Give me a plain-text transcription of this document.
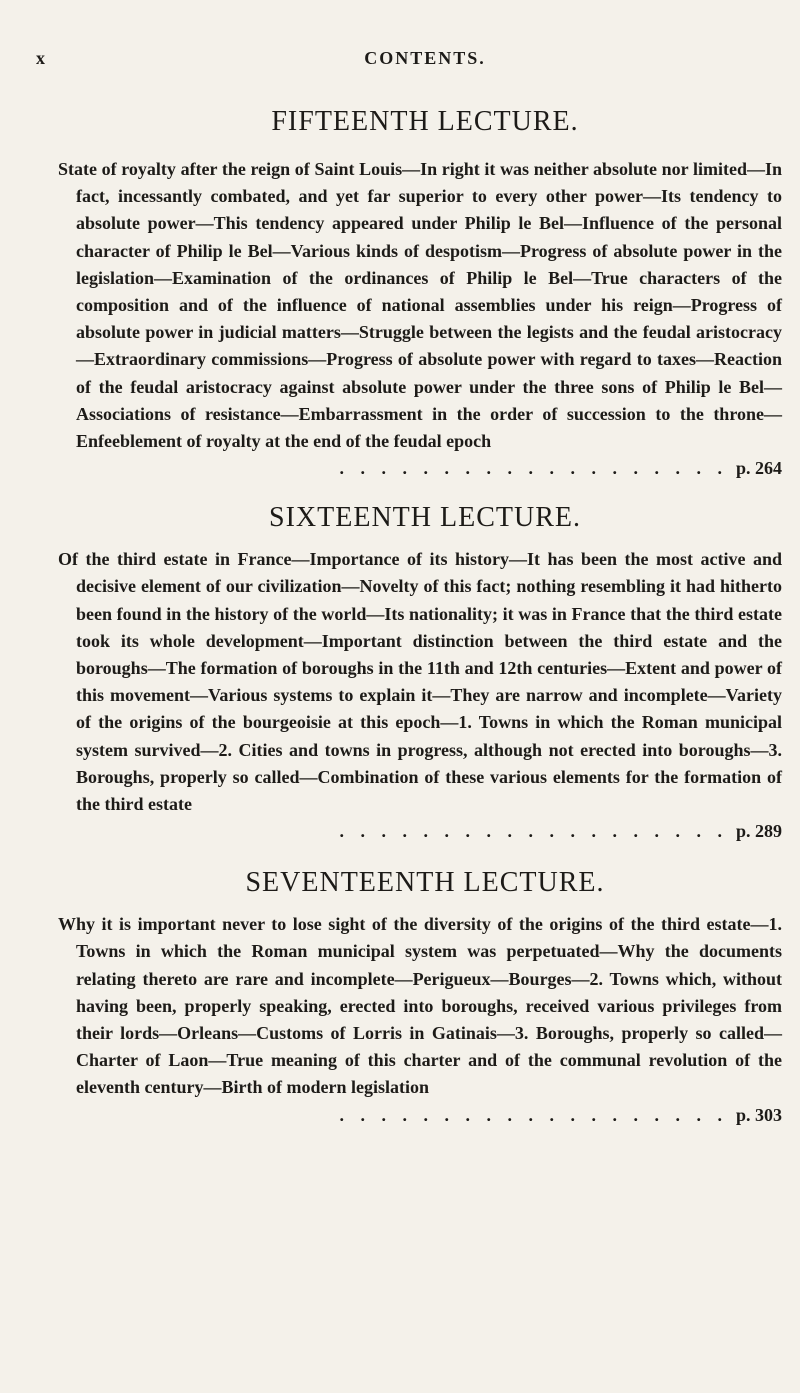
x	CONTENTS.
FIFTEENTH LECTURE.

State of royalty after the reign of Saint Louis—In right it was neither absolute nor limited—In fact, incessantly combated, and yet far superior to every other power—Its tendency to absolute power—This tendency appeared under Philip le Bel—Influence of the personal character of Philip le Bel—Various kinds of despotism—Progress of absolute power in the legislation—Examination of the ordinances of Philip le Bel—True characters of the composition and of the influence of national assemblies under his reign—Progress of absolute power in judicial matters—Struggle between the legists and the feudal aristocracy—Extraordinary commissions—Progress of absolute power with regard to taxes—Reaction of the feudal aristocracy against absolute power under the three sons of Philip le Bel—Associations of resistance—Embarrassment in the order of succession to the throne—Enfeeblement of royalty at the end of the feudal epoch

. . . . . . . . . . . . . . . . . . . p. 264
SIXTEENTH LECTURE.

Of the third estate in France—Importance of its history—It has been the most active and decisive element of our civilization—Novelty of this fact; nothing resembling it had hitherto been found in the history of the world—Its nationality; it was in France that the third estate took its whole development—Important distinction between the third estate and the boroughs—The formation of boroughs in the 11th and 12th centuries—Extent and power of this movement—Various systems to explain it—They are narrow and incomplete—Variety of the origins of the bourgeoisie at this epoch—1. Towns in which the Roman municipal system survived—2. Cities and towns in progress, although not erected into boroughs—3. Boroughs, properly so called—Combination of these various elements for the formation of the third estate

. . . . . . . . . . . . . . . . . . . p. 289
SEVENTEENTH LECTURE.

Why it is important never to lose sight of the diversity of the origins of the third estate—1. Towns in which the Roman municipal system was perpetuated—Why the documents relating thereto are rare and incomplete—Perigueux—Bourges—2. Towns which, without having been, properly speaking, erected into boroughs, received various privileges from their lords—Orleans—Customs of Lorris in Gatinais—3. Boroughs, properly so called—Charter of Laon—True meaning of this charter and of the communal revolution of the eleventh century—Birth of modern legislation

. . . . . . . . . . . . . . . . . . . p. 303
